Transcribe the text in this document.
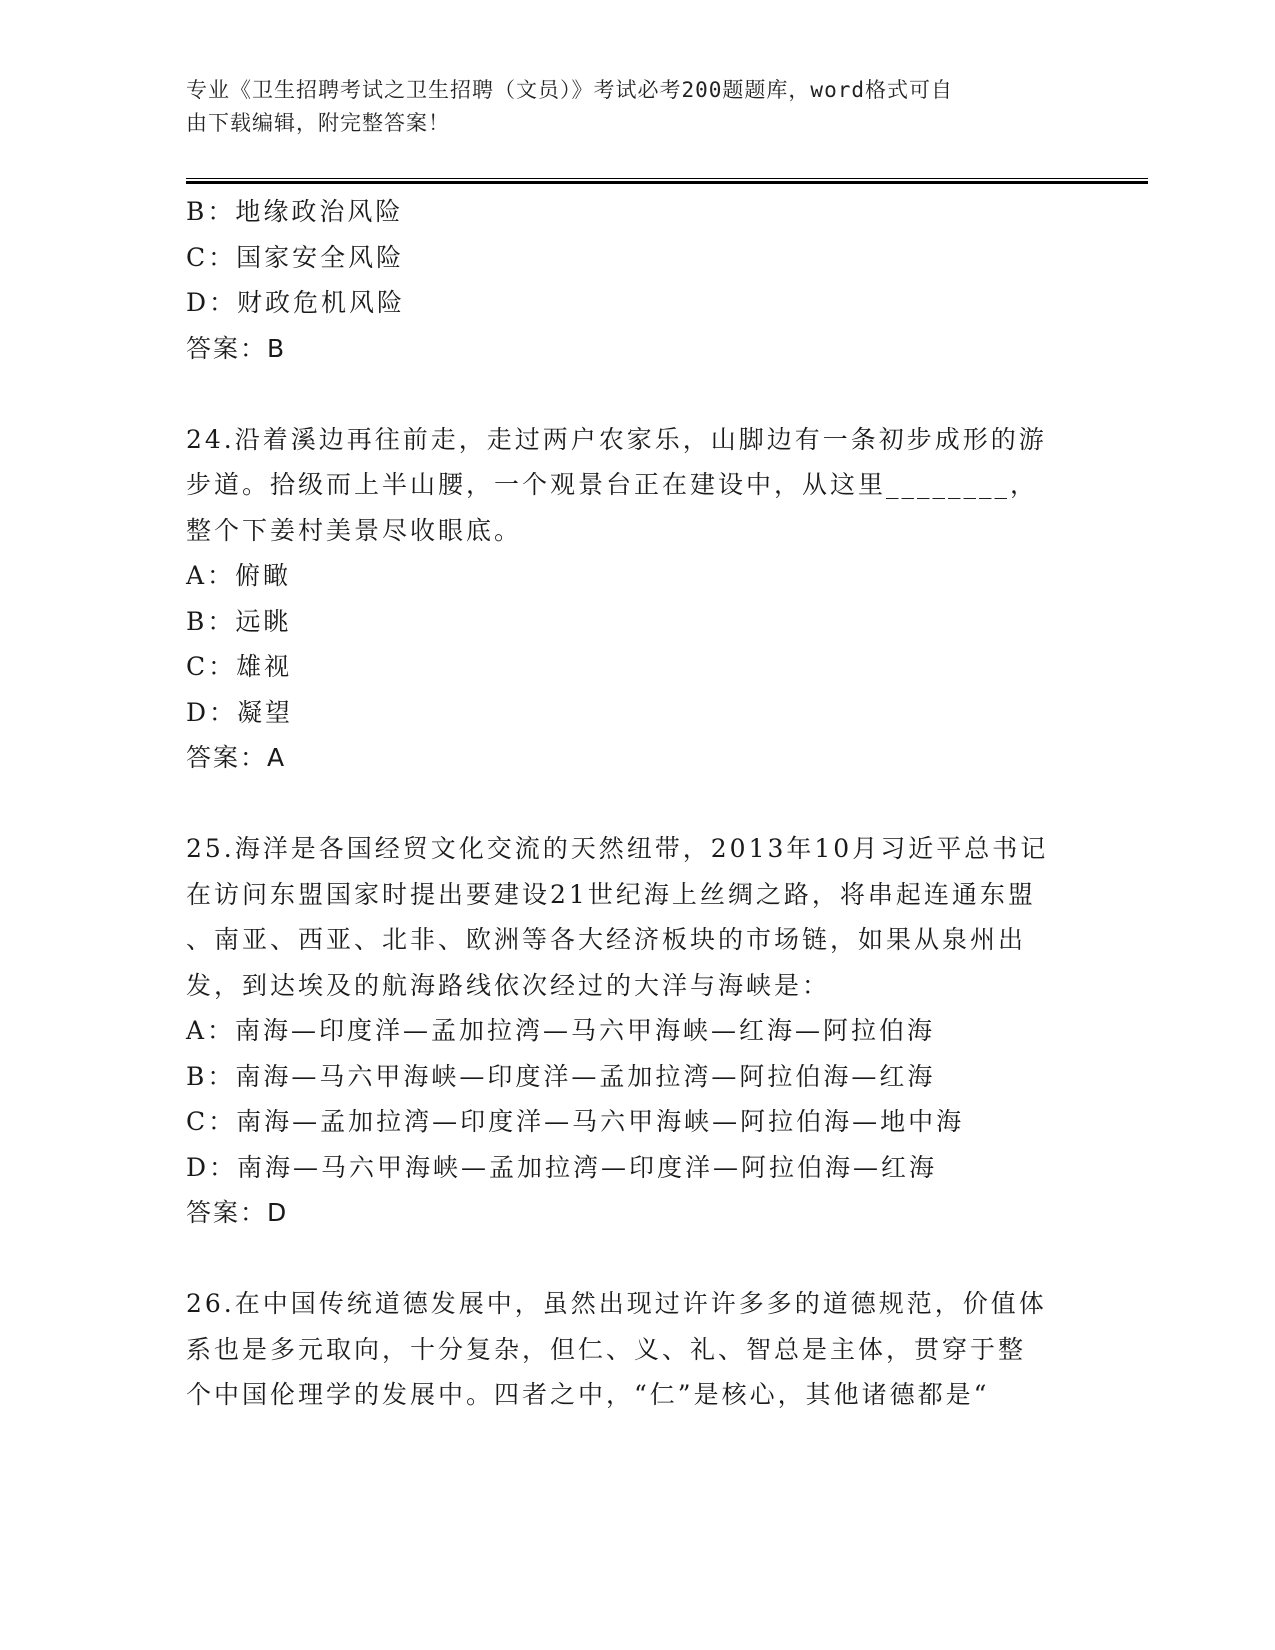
专业《卫生招聘考试之卫生招聘（文员）》考试必考200题题库，word格式可自
由下载编辑，附完整答案！
B：地缘政治风险
C：国家安全风险
D：财政危机风险
答案：B
24.沿着溪边再往前走，走过两户农家乐，山脚边有一条初步成形的游
步道。拾级而上半山腰，一个观景台正在建设中，从这里________，
整个下姜村美景尽收眼底。
A：俯瞰
B：远眺
C：雄视
D：凝望
答案：A
25.海洋是各国经贸文化交流的天然纽带，2013年10月习近平总书记
在访问东盟国家时提出要建设21世纪海上丝绸之路，将串起连通东盟
、南亚、西亚、北非、欧洲等各大经济板块的市场链，如果从泉州出
发，到达埃及的航海路线依次经过的大洋与海峡是：
A：南海—印度洋—孟加拉湾—马六甲海峡—红海—阿拉伯海
B：南海—马六甲海峡—印度洋—孟加拉湾—阿拉伯海—红海
C：南海—孟加拉湾—印度洋—马六甲海峡—阿拉伯海—地中海
D：南海—马六甲海峡—孟加拉湾—印度洋—阿拉伯海—红海
答案：D
26.在中国传统道德发展中，虽然出现过许许多多的道德规范，价值体
系也是多元取向，十分复杂，但仁、义、礼、智总是主体，贯穿于整
个中国伦理学的发展中。四者之中，“仁”是核心，其他诸德都是“
